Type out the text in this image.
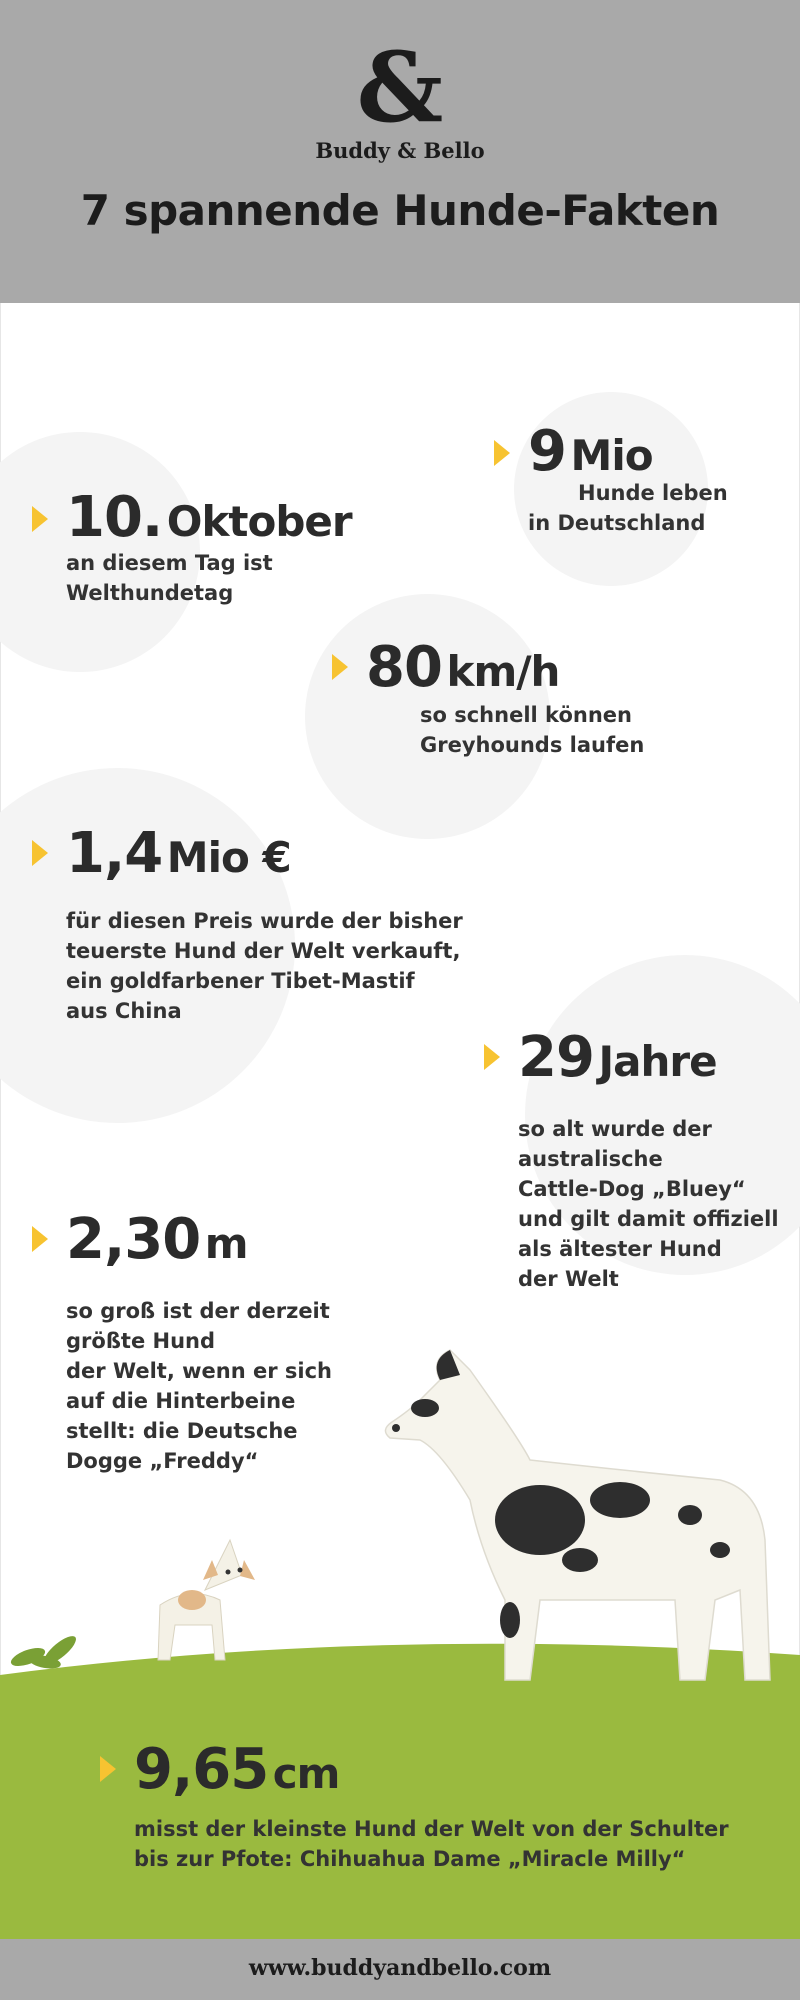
&
Buddy & Bello
7 spannende Hunde-Fakten
9 Mio
Hunde leben
in Deutschland
10. Oktober
an diesem Tag ist
Welthundetag
80 km/h
so schnell können
Greyhounds laufen
1,4 Mio €
für diesen Preis wurde der bisher
teuerste Hund der Welt verkauft,
ein goldfarbener Tibet-Mastif
aus China
29 Jahre
so alt wurde der
australische
Cattle-Dog „Bluey“
und gilt damit offiziell
als ältester Hund
der Welt
2,30 m
so groß ist der derzeit
größte Hund
der Welt, wenn er sich
auf die Hinterbeine
stellt: die Deutsche
Dogge „Freddy“
9,65 cm
misst der kleinste Hund der Welt von der Schulter
bis zur Pfote: Chihuahua Dame „Miracle Milly“
www.buddyandbello.com
